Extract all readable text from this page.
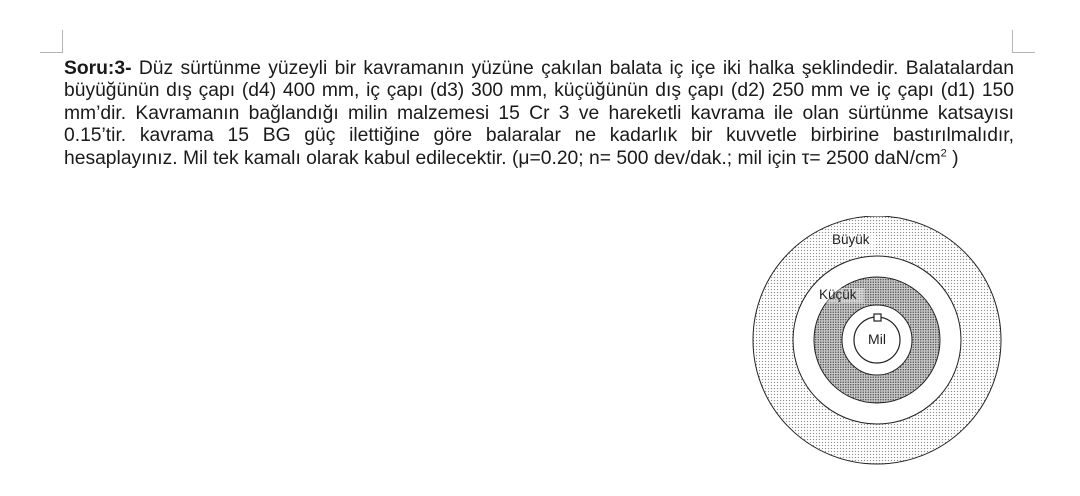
Soru:3- Düz sürtünme yüzeyli bir kavramanın yüzüne çakılan balata iç içe iki halka şeklindedir. Balatalardan büyüğünün dış çapı (d4) 400 mm, iç çapı (d3) 300 mm, küçüğünün dış çapı (d2) 250 mm ve iç çapı (d1) 150 mm’dir. Kavramanın bağlandığı milin malzemesi 15 Cr 3 ve hareketli kavrama ile olan sürtünme katsayısı 0.15’tir. kavrama 15 BG güç ilettiğine göre balaralar ne kadarlık bir kuvvetle birbirine bastırılmalıdır, hesaplayınız. Mil tek kamalı olarak kabul edilecektir. (μ=0.20; n= 500 dev/dak.; mil için τ= 2500 daN/$cm^2$ )

Büyük
Küçük
Mil
